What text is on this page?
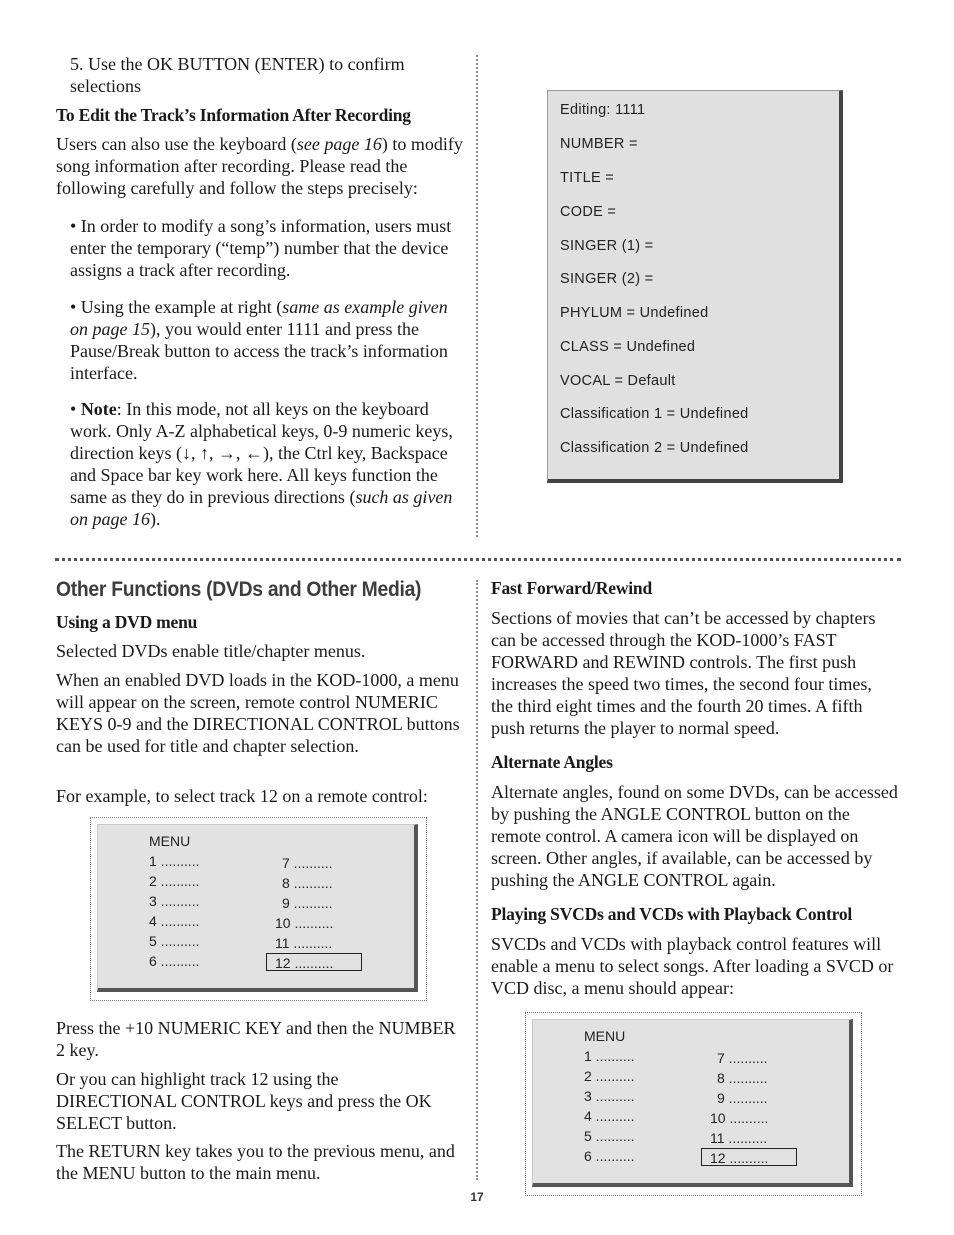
5. Use the OK BUTTON (ENTER) to confirm selections

To Edit the Track’s Information After Recording

Users can also use the keyboard (see page 16) to modify song information after recording. Please read the following carefully and follow the steps precisely:

• In order to modify a song’s information, users must enter the temporary (“temp”) number that the device assigns a track after recording.

• Using the example at right (same as example given on page 15), you would enter 1111 and press the Pause/Break button to access the track’s information interface.

• Note: In this mode, not all keys on the keyboard work. Only A-Z alphabetical keys, 0-9 numeric keys, direction keys (↓, ↑, →, ←), the Ctrl key, Backspace and Space bar key work here. All keys function the same as they do in previous directions (such as given on page 16).

Editing: 1111
NUMBER =
TITLE =
CODE =
SINGER (1) =
SINGER (2) =
PHYLUM = Undefined
CLASS = Undefined
VOCAL = Default
Classification 1 = Undefined
Classification 2 = Undefined
Other Functions (DVDs and Other Media)

Using a DVD menu

Selected DVDs enable title/chapter menus.

When an enabled DVD loads in the KOD-1000, a menu will appear on the screen, remote control NUMERIC KEYS 0-9 and the DIRECTIONAL CONTROL buttons can be used for title and chapter selection.

For example, to select track 12 on a remote control:

MENU
1 ..........
2 ..........
3 ..........
4 ..........
5 ..........
6 ..........
7 ..........
8 ..........
9 ..........
10 ..........
11 ..........
12 ..........

Press the +10 NUMERIC KEY and then the NUMBER 2 key.

Or you can highlight track 12 using the DIRECTIONAL CONTROL keys and press the OK SELECT button.

The RETURN key takes you to the previous menu, and the MENU button to the main menu.

Fast Forward/Rewind

Sections of movies that can’t be accessed by chapters can be accessed through the KOD-1000’s FAST FORWARD and REWIND controls. The first push increases the speed two times, the second four times, the third eight times and the fourth 20 times. A fifth push returns the player to normal speed.

Alternate Angles

Alternate angles, found on some DVDs, can be accessed by pushing the ANGLE CONTROL button on the remote control. A camera icon will be displayed on screen. Other angles, if available, can be accessed by pushing the ANGLE CONTROL again.

Playing SVCDs and VCDs with Playback Control

SVCDs and VCDs with playback control features will enable a menu to select songs. After loading a SVCD or VCD disc, a menu should appear:

MENU
1 ..........
2 ..........
3 ..........
4 ..........
5 ..........
6 ..........
7 ..........
8 ..........
9 ..........
10 ..........
11 ..........
12 ..........
17
